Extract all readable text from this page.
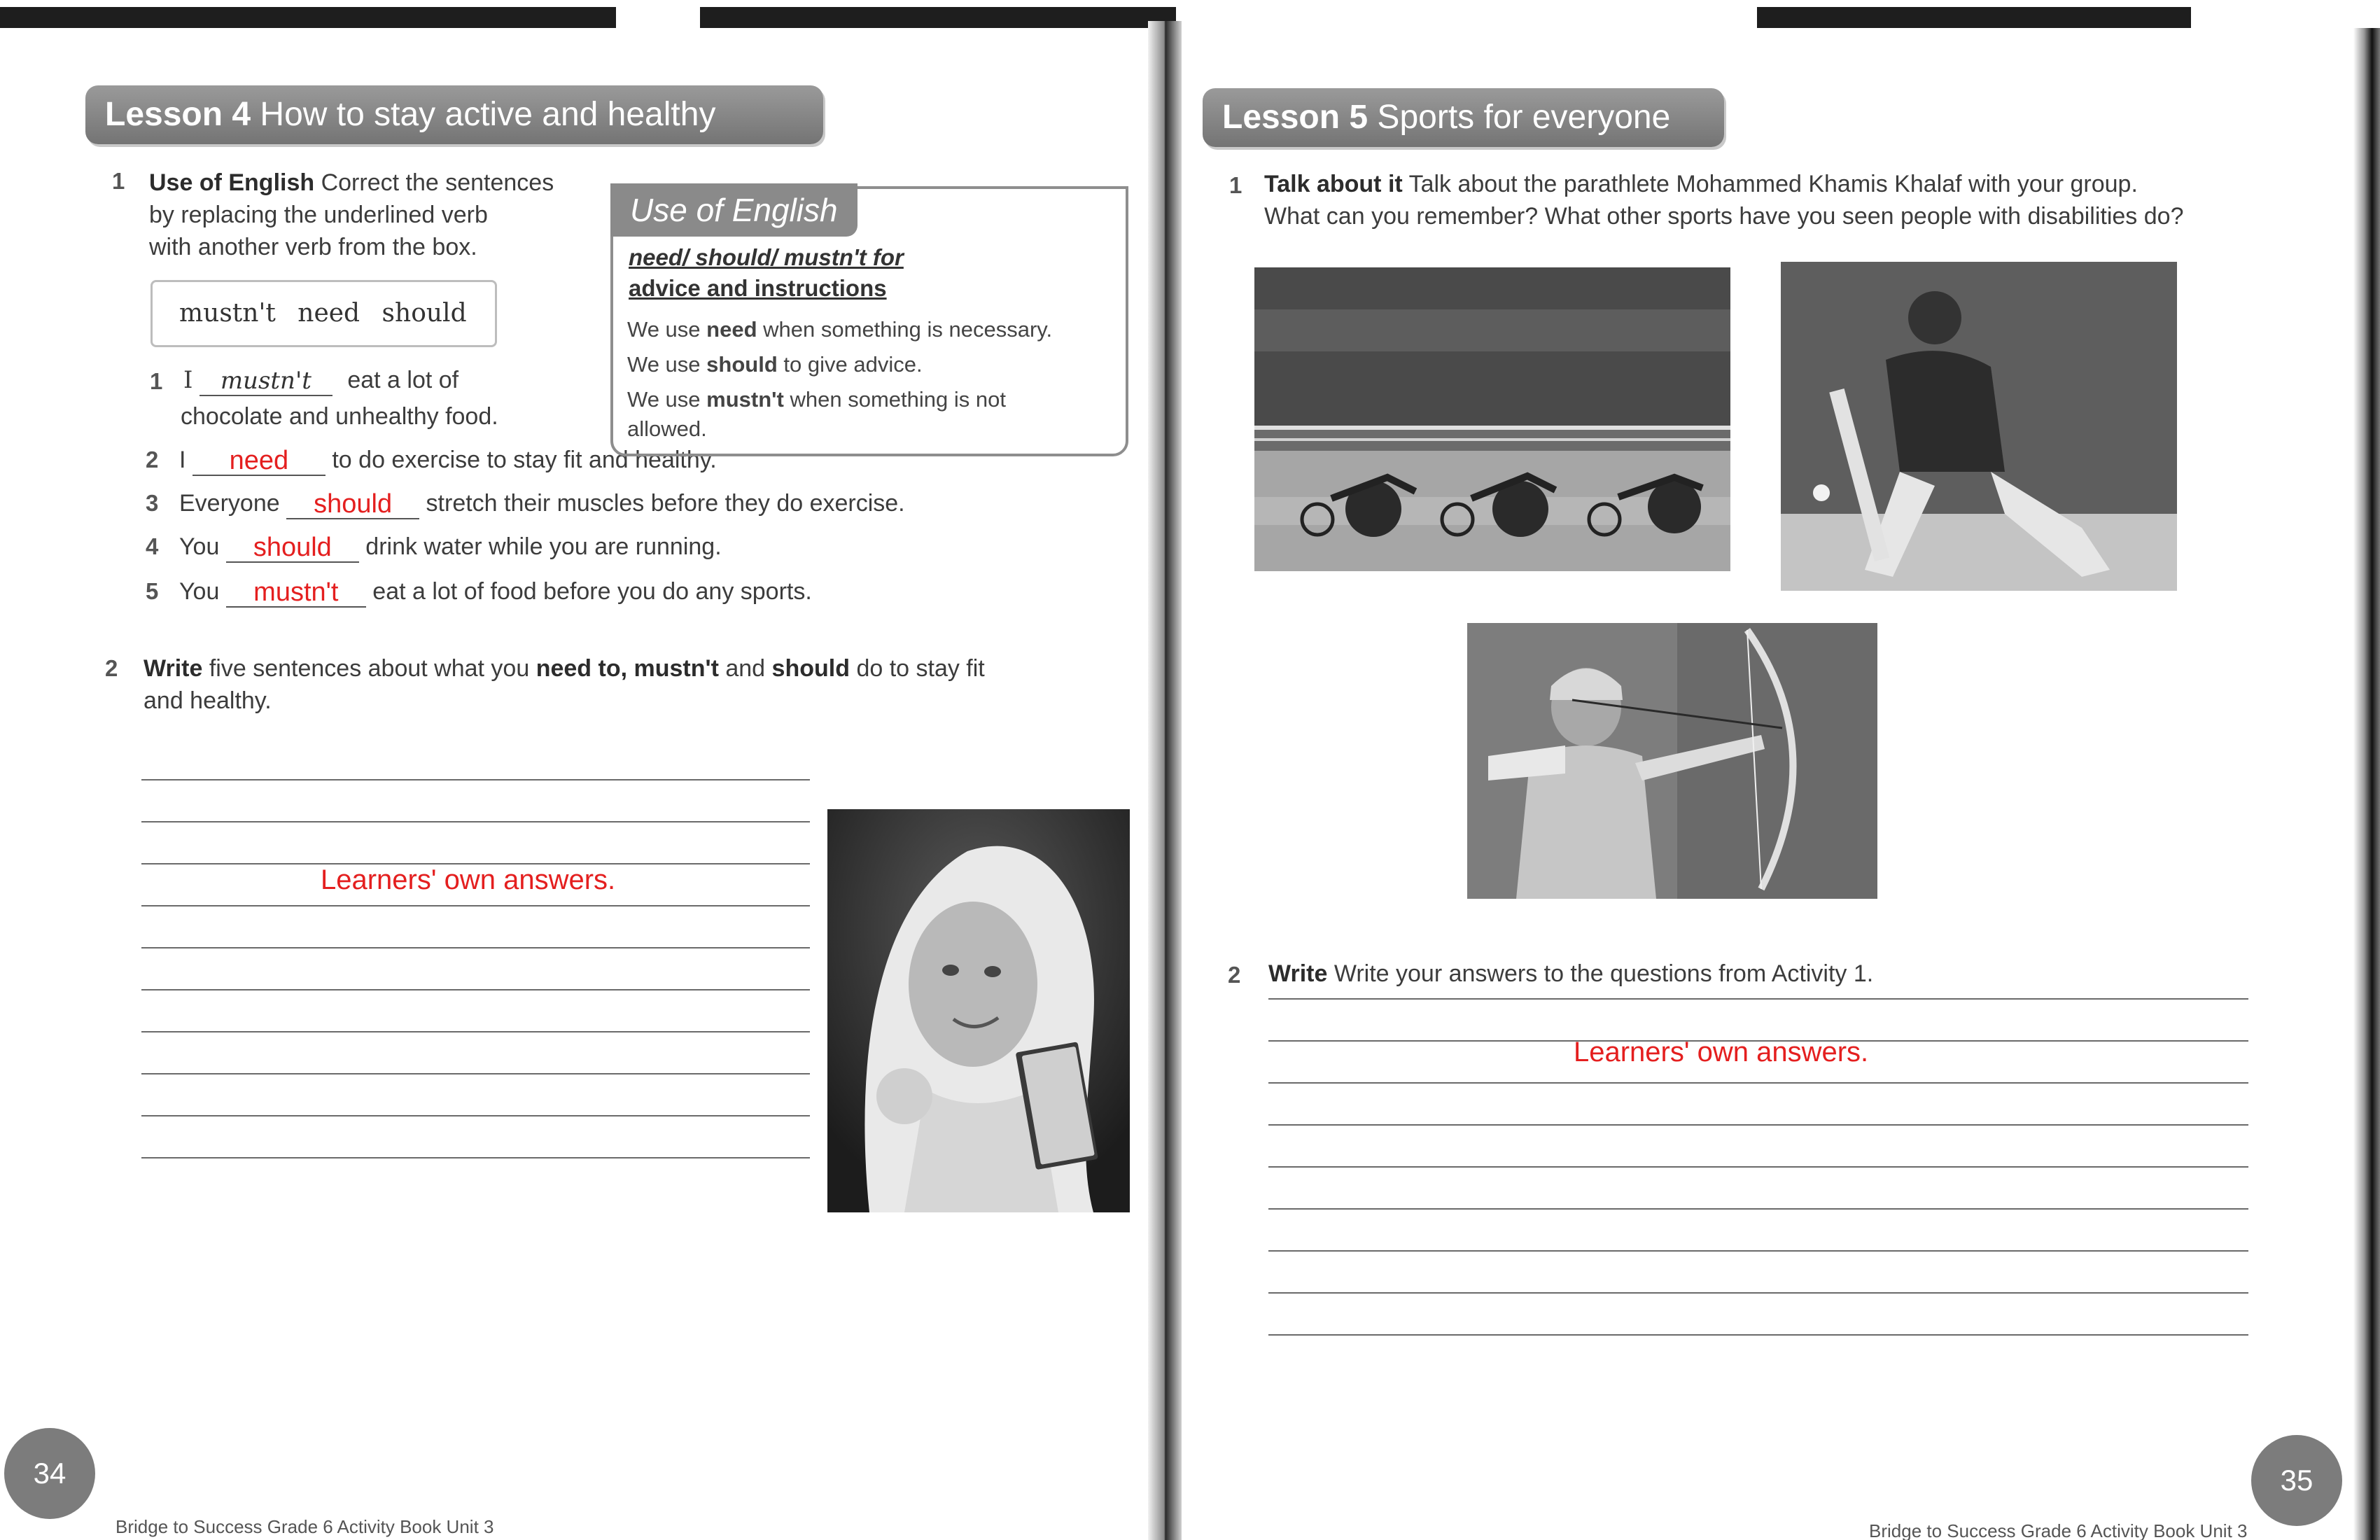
Lesson 4 How to stay active and healthy
1 Use of English Correct the sentences
by replacing the underlined verb
with another verb from the box.
mustn't need should
1 I mustn't eat a lot of
chocolate and unhealthy food.
2 I need to do exercise to stay fit and healthy.
3 Everyone should stretch their muscles before they do exercise.
4 You should drink water while you are running.
5 You mustn't eat a lot of food before you do any sports.
Use of English
need/ should/ mustn't for
advice and instructions
We use need when something is necessary.
We use should to give advice.
We use mustn't when something is not allowed.
2 Write five sentences about what you need to, mustn't and should do to stay fit
and healthy.
Learners' own answers.
34
Bridge to Success Grade 6 Activity Book Unit 3
Lesson 5 Sports for everyone
1 Talk about it Talk about the parathlete Mohammed Khamis Khalaf with your group.
What can you remember? What other sports have you seen people with disabilities do?
2 Write Write your answers to the questions from Activity 1.
Learners' own answers.
Bridge to Success Grade 6 Activity Book Unit 3
35
